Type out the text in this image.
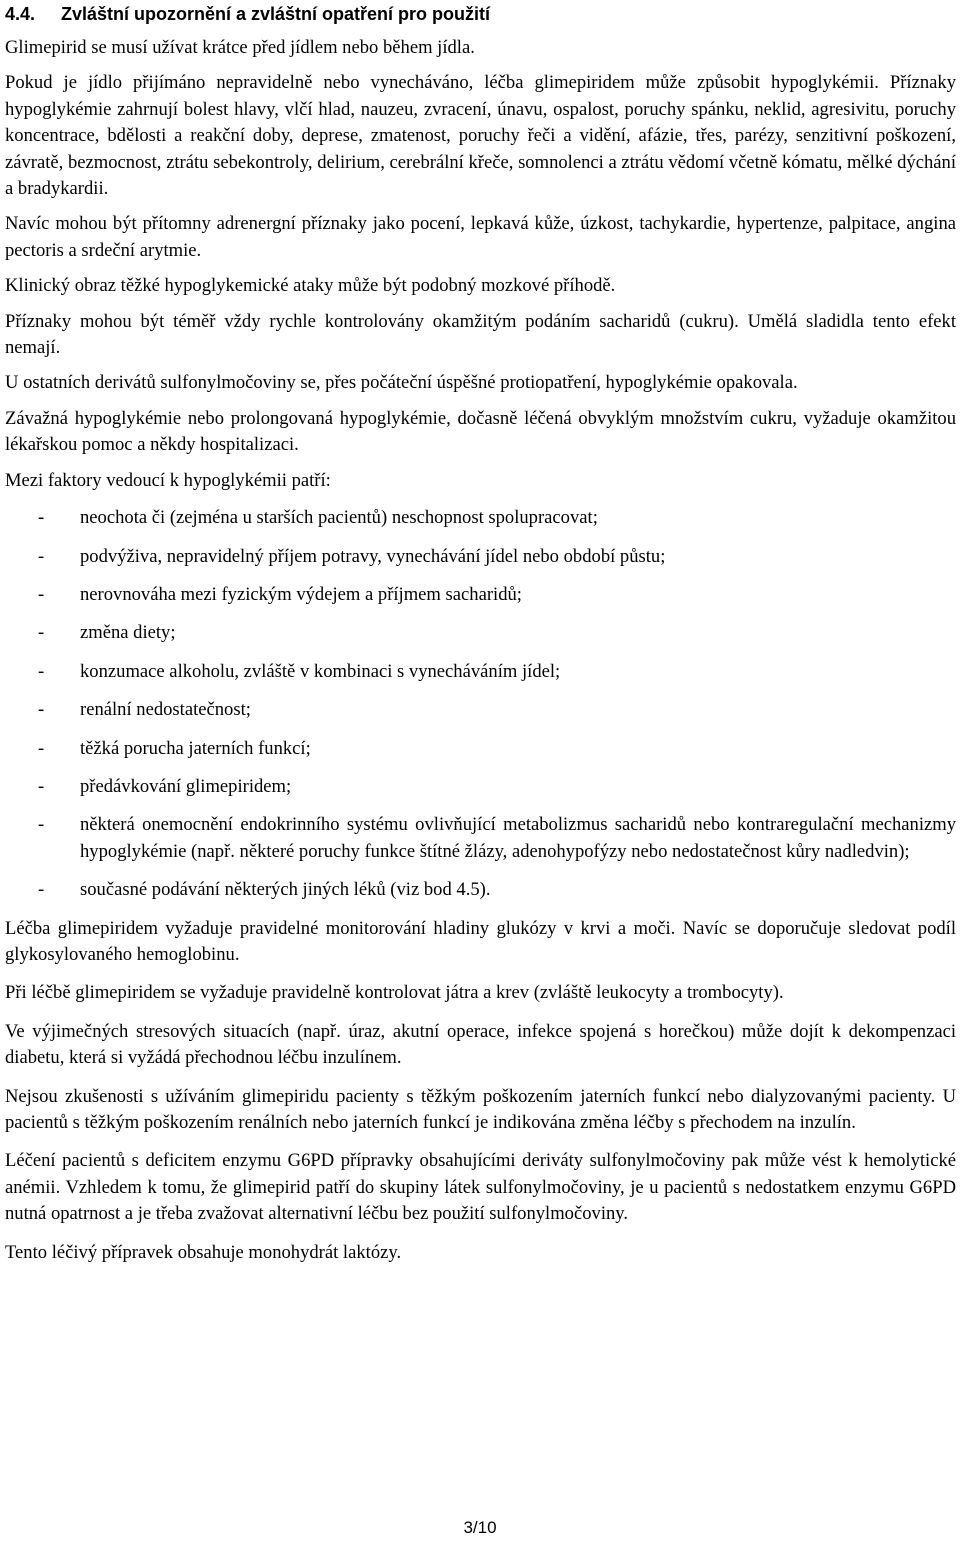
4.4. Zvláštní upozornění a zvláštní opatření pro použití

Glimepirid se musí užívat krátce před jídlem nebo během jídla.

Pokud je jídlo přijímáno nepravidelně nebo vynecháváno, léčba glimepiridem může způsobit hypoglykémii. Příznaky hypoglykémie zahrnují bolest hlavy, vlčí hlad, nauzeu, zvracení, únavu, ospalost, poruchy spánku, neklid, agresivitu, poruchy koncentrace, bdělosti a reakční doby, deprese, zmatenost, poruchy řeči a vidění, afázie, třes, parézy, senzitivní poškození, závratě, bezmocnost, ztrátu sebekontroly, delirium, cerebrální křeče, somnolenci a ztrátu vědomí včetně kómatu, mělké dýchání a bradykardii.

Navíc mohou být přítomny adrenergní příznaky jako pocení, lepkavá kůže, úzkost, tachykardie, hypertenze, palpitace, angina pectoris a srdeční arytmie.

Klinický obraz těžké hypoglykemické ataky může být podobný mozkové příhodě.

Příznaky mohou být téměř vždy rychle kontrolovány okamžitým podáním sacharidů (cukru). Umělá sladidla tento efekt nemají.

U ostatních derivátů sulfonylmočoviny se, přes počáteční úspěšné protiopatření, hypoglykémie opakovala.

Závažná hypoglykémie nebo prolongovaná hypoglykémie, dočasně léčená obvyklým množstvím cukru, vyžaduje okamžitou lékařskou pomoc a někdy hospitalizaci.

Mezi faktory vedoucí k hypoglykémii patří:

- neochota či (zejména u starších pacientů) neschopnost spolupracovat;
- podvýživa, nepravidelný příjem potravy, vynechávání jídel nebo období půstu;
- nerovnováha mezi fyzickým výdejem a příjmem sacharidů;
- změna diety;
- konzumace alkoholu, zvláště v kombinaci s vynecháváním jídel;
- renální nedostatečnost;
- těžká porucha jaterních funkcí;
- předávkování glimepiridem;
- některá onemocnění endokrinního systému ovlivňující metabolizmus sacharidů nebo kontraregulační mechanizmy hypoglykémie (např. některé poruchy funkce štítné žlázy, adenohypofýzy nebo nedostatečnost kůry nadledvin);
- současné podávání některých jiných léků (viz bod 4.5).

Léčba glimepiridem vyžaduje pravidelné monitorování hladiny glukózy v krvi a moči. Navíc se doporučuje sledovat podíl glykosylovaného hemoglobinu.

Při léčbě glimepiridem se vyžaduje pravidelně kontrolovat játra a krev (zvláště leukocyty a trombocyty).

Ve výjimečných stresových situacích (např. úraz, akutní operace, infekce spojená s horečkou) může dojít k dekompenzaci diabetu, která si vyžádá přechodnou léčbu inzulínem.

Nejsou zkušenosti s užíváním glimepiridu pacienty s těžkým poškozením jaterních funkcí nebo dialyzovanými pacienty. U pacientů s těžkým poškozením renálních nebo jaterních funkcí je indikována změna léčby s přechodem na inzulín.

Léčení pacientů s deficitem enzymu G6PD přípravky obsahujícími deriváty sulfonylmočoviny pak může vést k hemolytické anémii. Vzhledem k tomu, že glimepirid patří do skupiny látek sulfonylmočoviny, je u pacientů s nedostatkem enzymu G6PD nutná opatrnost a je třeba zvažovat alternativní léčbu bez použití sulfonylmočoviny.

Tento léčivý přípravek obsahuje monohydrát laktózy.

3/10
